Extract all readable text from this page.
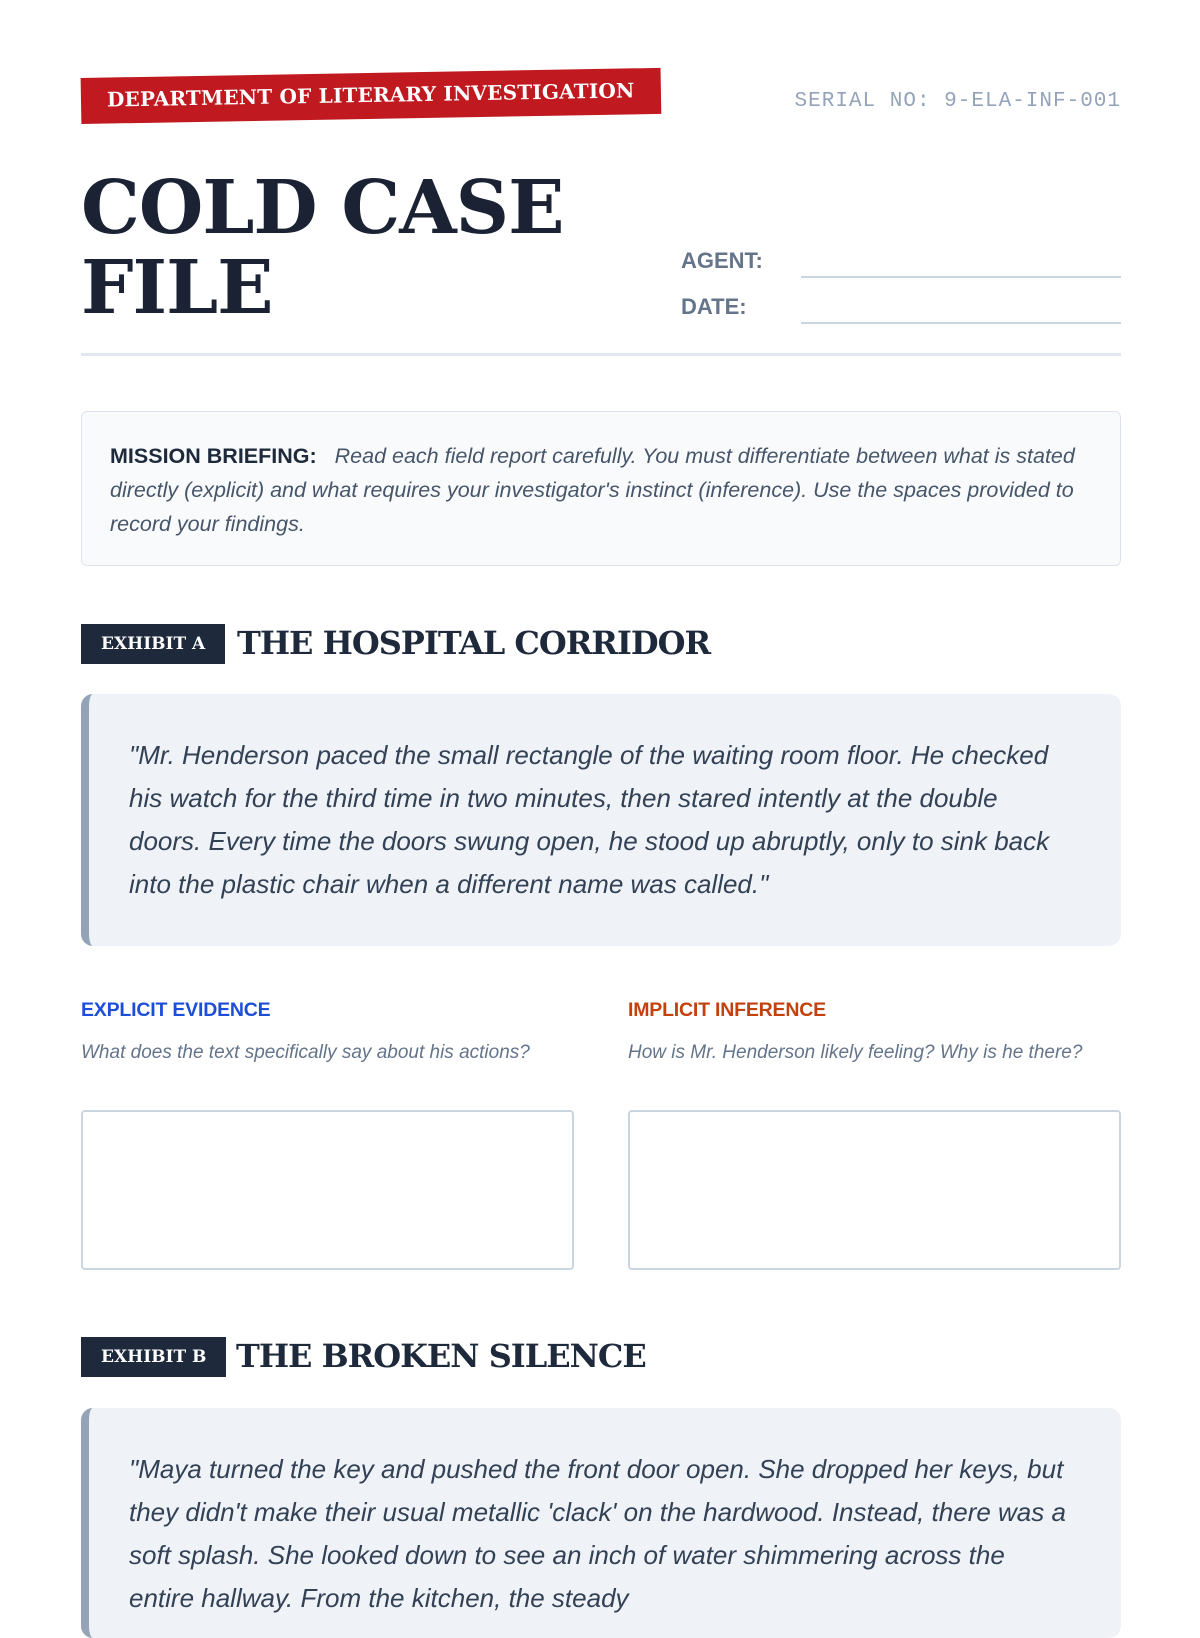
DEPARTMENT OF LITERARY INVESTIGATION	SERIAL NO: 9-ELA-INF-001
COLD CASE FILE	AGENT:
DATE:
MISSION BRIEFING: Read each field report carefully. You must differentiate between what is stated directly (explicit) and what requires your investigator's instinct (inference). Use the spaces provided to record your findings.
EXHIBIT A THE HOSPITAL CORRIDOR
"Mr. Henderson paced the small rectangle of the waiting room floor. He checked his watch for the third time in two minutes, then stared intently at the double doors. Every time the doors swung open, he stood up abruptly, only to sink back into the plastic chair when a different name was called."
EXPLICIT EVIDENCE
What does the text specifically say about his actions?
IMPLICIT INFERENCE
How is Mr. Henderson likely feeling? Why is he there?
EXHIBIT B THE BROKEN SILENCE
"Maya turned the key and pushed the front door open. She dropped her keys, but they didn't make their usual metallic 'clack' on the hardwood. Instead, there was a soft splash. She looked down to see an inch of water shimmering across the entire hallway. From the kitchen, the steady
